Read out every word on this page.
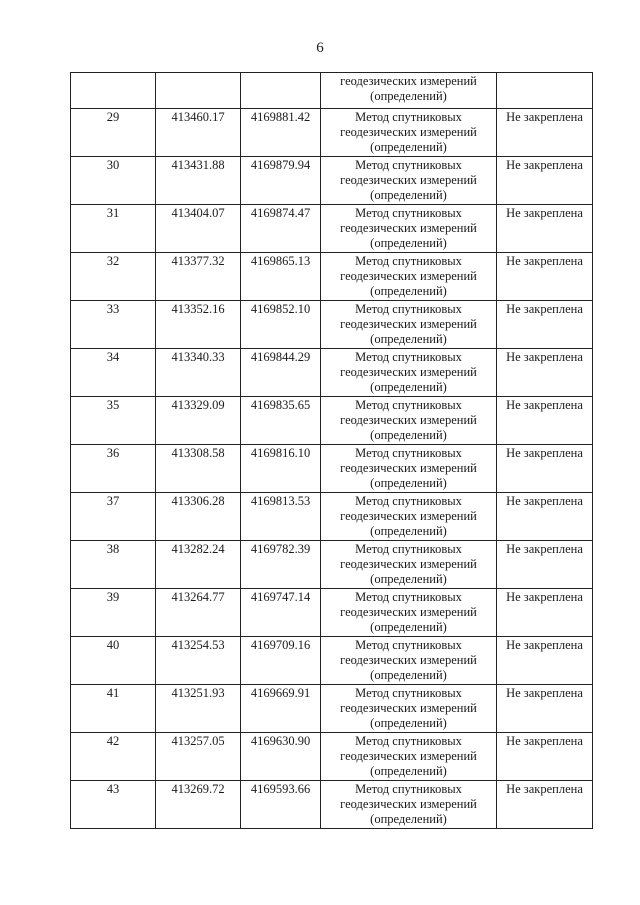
6

			геодезических измерений
(определений)	

29	413460.17	4169881.42	Метод спутниковых
геодезических измерений
(определений)	Не закреплена
30	413431.88	4169879.94	Метод спутниковых
геодезических измерений
(определений)	Не закреплена
31	413404.07	4169874.47	Метод спутниковых
геодезических измерений
(определений)	Не закреплена
32	413377.32	4169865.13	Метод спутниковых
геодезических измерений
(определений)	Не закреплена
33	413352.16	4169852.10	Метод спутниковых
геодезических измерений
(определений)	Не закреплена
34	413340.33	4169844.29	Метод спутниковых
геодезических измерений
(определений)	Не закреплена
35	413329.09	4169835.65	Метод спутниковых
геодезических измерений
(определений)	Не закреплена
36	413308.58	4169816.10	Метод спутниковых
геодезических измерений
(определений)	Не закреплена
37	413306.28	4169813.53	Метод спутниковых
геодезических измерений
(определений)	Не закреплена
38	413282.24	4169782.39	Метод спутниковых
геодезических измерений
(определений)	Не закреплена
39	413264.77	4169747.14	Метод спутниковых
геодезических измерений
(определений)	Не закреплена
40	413254.53	4169709.16	Метод спутниковых
геодезических измерений
(определений)	Не закреплена
41	413251.93	4169669.91	Метод спутниковых
геодезических измерений
(определений)	Не закреплена
42	413257.05	4169630.90	Метод спутниковых
геодезических измерений
(определений)	Не закреплена
43	413269.72	4169593.66	Метод спутниковых
геодезических измерений
(определений)	Не закреплена
